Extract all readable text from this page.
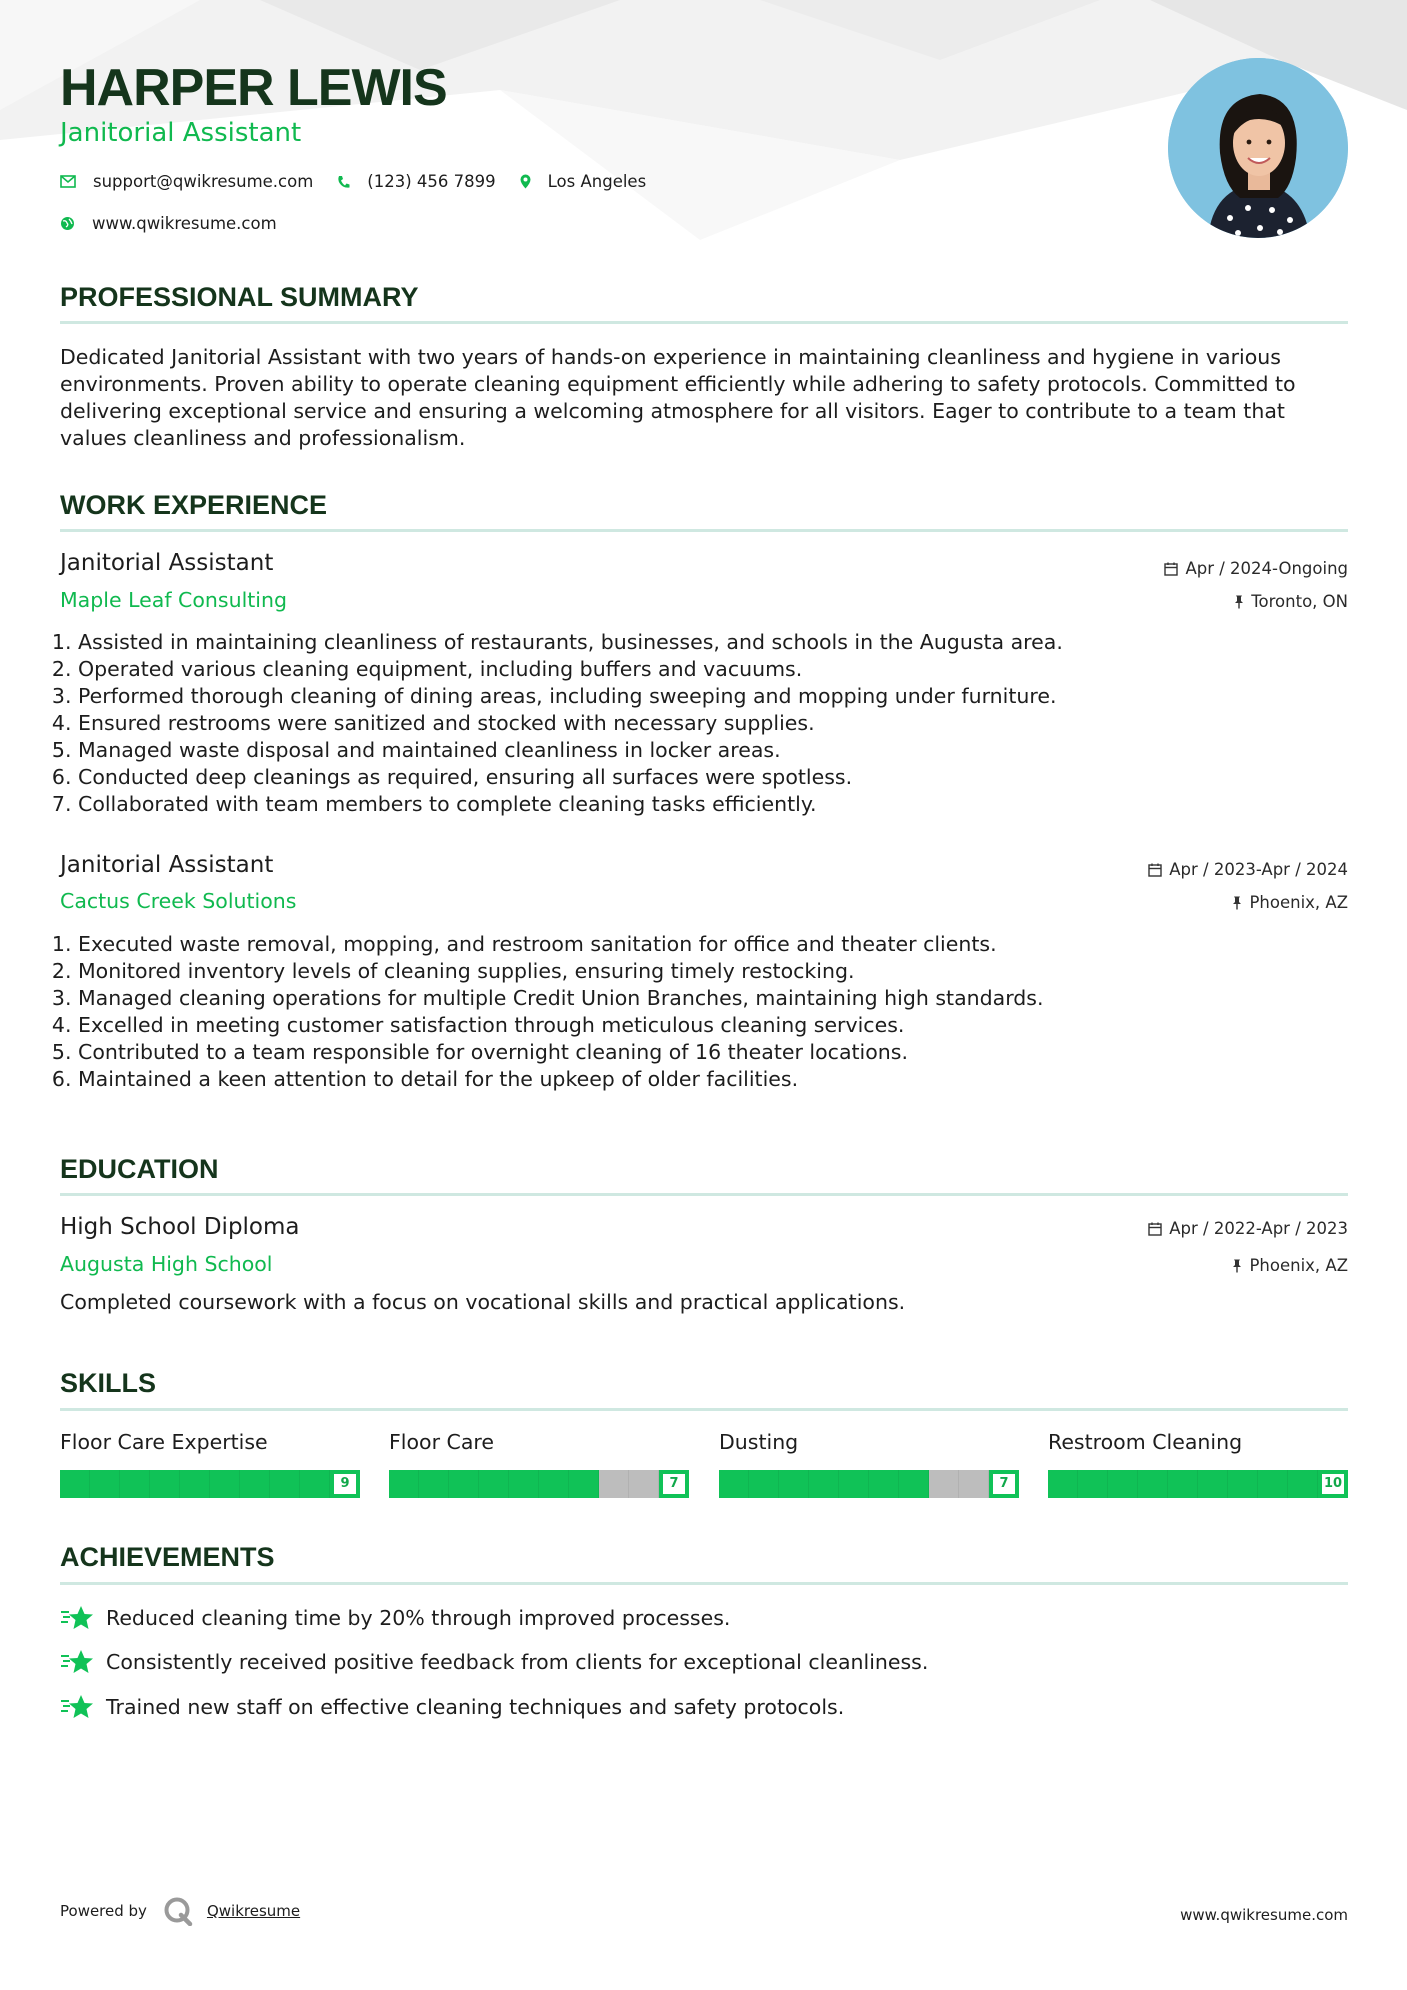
HARPER LEWIS
Janitorial Assistant
support@qwikresume.com	(123) 456 7899	Los Angeles
www.qwikresume.com
PROFESSIONAL SUMMARY
Dedicated Janitorial Assistant with two years of hands-on experience in maintaining cleanliness and hygiene in various
environments. Proven ability to operate cleaning equipment efficiently while adhering to safety protocols. Committed to
delivering exceptional service and ensuring a welcoming atmosphere for all visitors. Eager to contribute to a team that
values cleanliness and professionalism.
WORK EXPERIENCE
Janitorial Assistant
Maple Leaf Consulting
Apr / 2024-Ongoing
Toronto, ON
1. Assisted in maintaining cleanliness of restaurants, businesses, and schools in the Augusta area.
2. Operated various cleaning equipment, including buffers and vacuums.
3. Performed thorough cleaning of dining areas, including sweeping and mopping under furniture.
4. Ensured restrooms were sanitized and stocked with necessary supplies.
5. Managed waste disposal and maintained cleanliness in locker areas.
6. Conducted deep cleanings as required, ensuring all surfaces were spotless.
7. Collaborated with team members to complete cleaning tasks efficiently.
Janitorial Assistant
Cactus Creek Solutions
Apr / 2023-Apr / 2024
Phoenix, AZ
1. Executed waste removal, mopping, and restroom sanitation for office and theater clients.
2. Monitored inventory levels of cleaning supplies, ensuring timely restocking.
3. Managed cleaning operations for multiple Credit Union Branches, maintaining high standards.
4. Excelled in meeting customer satisfaction through meticulous cleaning services.
5. Contributed to a team responsible for overnight cleaning of 16 theater locations.
6. Maintained a keen attention to detail for the upkeep of older facilities.
EDUCATION
High School Diploma
Augusta High School
Apr / 2022-Apr / 2023
Phoenix, AZ
Completed coursework with a focus on vocational skills and practical applications.
SKILLS
Floor Care Expertise
9
Floor Care
7
Dusting
7
Restroom Cleaning
10
ACHIEVEMENTS
Reduced cleaning time by 20% through improved processes.
Consistently received positive feedback from clients for exceptional cleanliness.
Trained new staff on effective cleaning techniques and safety protocols.
Powered by	Qwikresume	www.qwikresume.com
